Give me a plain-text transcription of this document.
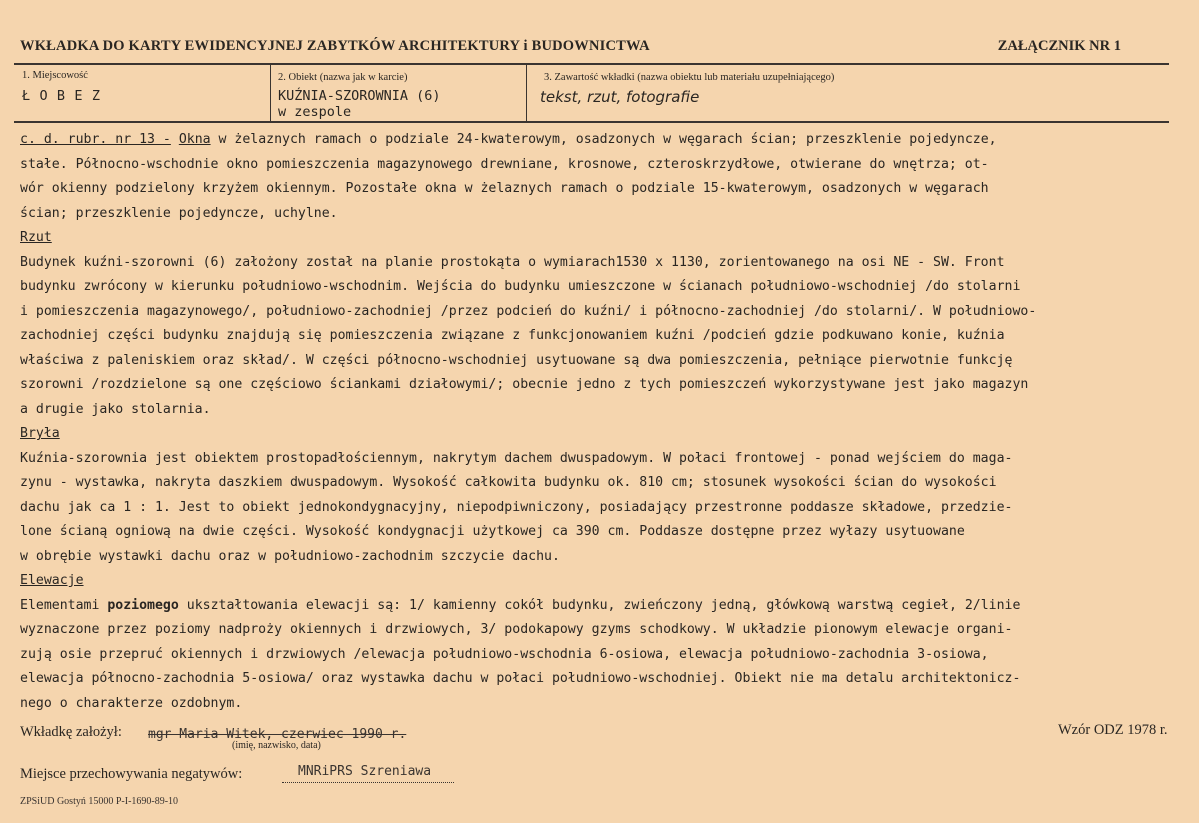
WKŁADKA DO KARTY EWIDENCYJNEJ ZABYTKÓW ARCHITEKTURY i BUDOWNICTWA	ZAŁĄCZNIK NR 1
1. Miejscowość
Ł O B E Z
2. Obiekt (nazwa jak w karcie)
KUŹNIA-SZOROWNIA (6)
w zespole
3. Zawartość wkładki (nazwa obiektu lub materiału uzupełniającego)
tekst, rzut, fotografie
c. d. rubr. nr 13 - Okna w żelaznych ramach o podziale 24-kwaterowym, osadzonych w węgarach ścian; przeszklenie pojedyncze,
stałe. Północno-wschodnie okno pomieszczenia magazynowego drewniane, krosnowe, czteroskrzydłowe, otwierane do wnętrza; ot-
wór okienny podzielony krzyżem okiennym. Pozostałe okna w żelaznych ramach o podziale 15-kwaterowym, osadzonych w węgarach
ścian; przeszklenie pojedyncze, uchylne.
Rzut
Budynek kuźni-szorowni (6) założony został na planie prostokąta o wymiarach1530 x 1130, zorientowanego na osi NE - SW. Front
budynku zwrócony w kierunku południowo-wschodnim. Wejścia do budynku umieszczone w ścianach południowo-wschodniej /do stolarni
i pomieszczenia magazynowego/, południowo-zachodniej /przez podcień do kuźni/ i północno-zachodniej /do stolarni/. W południowo-
zachodniej części budynku znajdują się pomieszczenia związane z funkcjonowaniem kuźni /podcień gdzie podkuwano konie, kuźnia
właściwa z paleniskiem oraz skład/. W części północno-wschodniej usytuowane są dwa pomieszczenia, pełniące pierwotnie funkcję
szorowni /rozdzielone są one częściowo ściankami działowymi/; obecnie jedno z tych pomieszczeń wykorzystywane jest jako magazyn
a drugie jako stolarnia.
Bryła
Kuźnia-szorownia jest obiektem prostopadłościennym, nakrytym dachem dwuspadowym. W połaci frontowej - ponad wejściem do maga-
zynu - wystawka, nakryta daszkiem dwuspadowym. Wysokość całkowita budynku ok. 810 cm; stosunek wysokości ścian do wysokości
dachu jak ca 1 : 1. Jest to obiekt jednokondygnacyjny, niepodpiwniczony, posiadający przestronne poddasze składowe, przedzie-
lone ścianą ogniową na dwie części. Wysokość kondygnacji użytkowej ca 390 cm. Poddasze dostępne przez wyłazy usytuowane
w obrębie wystawki dachu oraz w południowo-zachodnim szczycie dachu.
Elewacje
Elementami poziomego ukształtowania elewacji są: 1/ kamienny cokół budynku, zwieńczony jedną, główkową warstwą cegieł, 2/linie
wyznaczone przez poziomy nadproży okiennych i drzwiowych, 3/ podokapowy gzyms schodkowy. W układzie pionowym elewacje organi-
zują osie przepruć okiennych i drzwiowych /elewacja południowo-wschodnia 6-osiowa, elewacja południowo-zachodnia 3-osiowa,
elewacja północno-zachodnia 5-osiowa/ oraz wystawka dachu w połaci południowo-wschodniej. Obiekt nie ma detalu architektonicz-
nego o charakterze ozdobnym.
Wkładkę założył: mgr Maria Witek, czerwiec 1990 r.
(imię, nazwisko, data)
Wzór ODZ 1978 r.
Miejsce przechowywania negatywów:	MNRiPRS Szreniawa
ZPSiUD Gostyń 15000 P-I-1690-89-10
